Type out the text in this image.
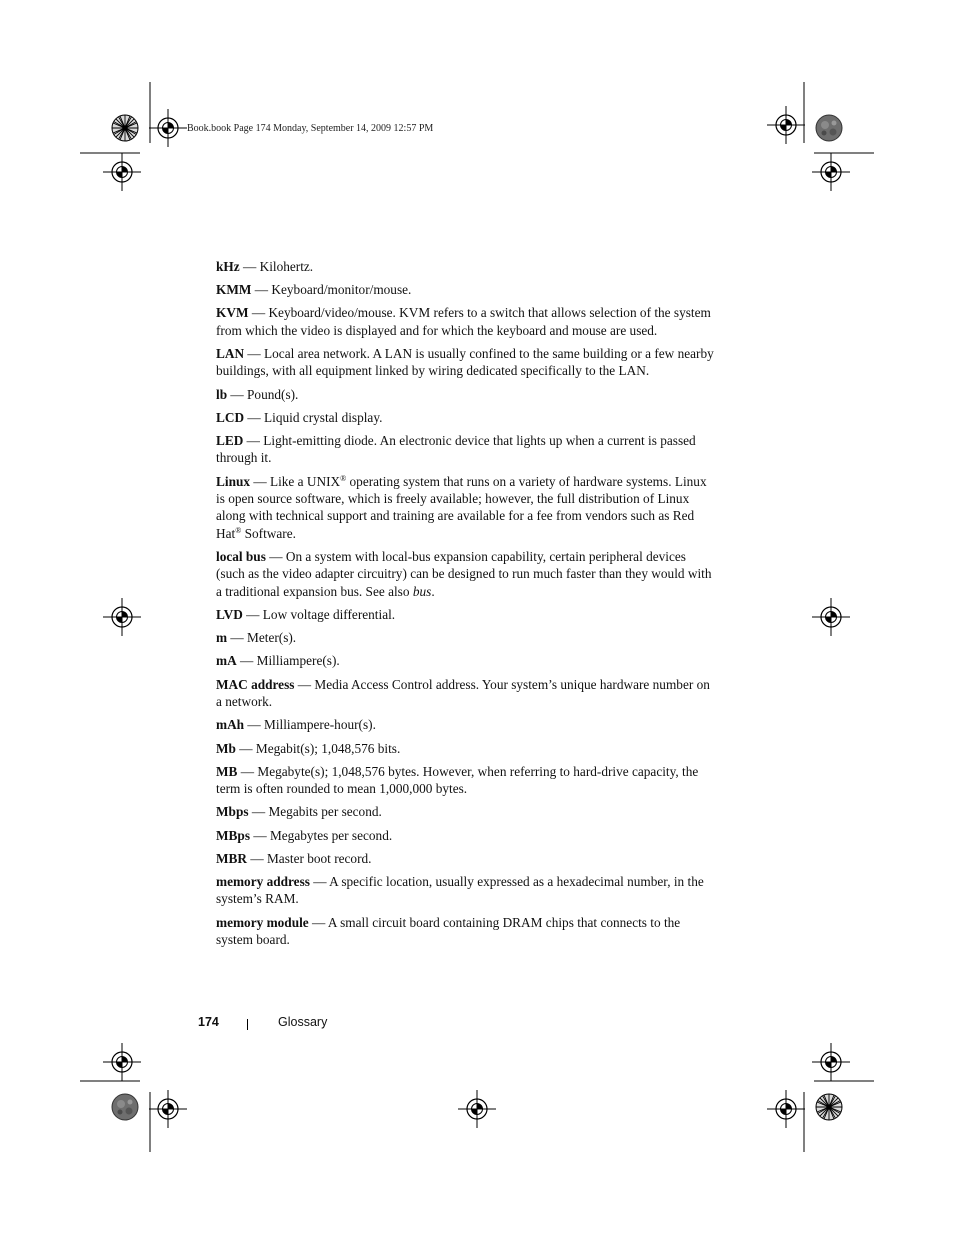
Book.book Page 174 Monday, September 14, 2009 12:57 PM

kHz — Kilohertz.

KMM — Keyboard/monitor/mouse.

KVM — Keyboard/video/mouse. KVM refers to a switch that allows selection of the system from which the video is displayed and for which the keyboard and mouse are used.

LAN — Local area network. A LAN is usually confined to the same building or a few nearby buildings, with all equipment linked by wiring dedicated specifically to the LAN.

lb — Pound(s).

LCD — Liquid crystal display.

LED — Light-emitting diode. An electronic device that lights up when a current is passed through it.

Linux — Like a UNIX® operating system that runs on a variety of hardware systems. Linux is open source software, which is freely available; however, the full distribution of Linux along with technical support and training are available for a fee from vendors such as Red Hat® Software.

local bus — On a system with local-bus expansion capability, certain peripheral devices (such as the video adapter circuitry) can be designed to run much faster than they would with a traditional expansion bus. See also bus.

LVD — Low voltage differential.

m — Meter(s).

mA — Milliampere(s).

MAC address — Media Access Control address. Your system’s unique hardware number on a network.

mAh — Milliampere-hour(s).

Mb — Megabit(s); 1,048,576 bits.

MB — Megabyte(s); 1,048,576 bytes. However, when referring to hard-drive capacity, the term is often rounded to mean 1,000,000 bytes.

Mbps — Megabits per second.

MBps — Megabytes per second.

MBR — Master boot record.

memory address — A specific location, usually expressed as a hexadecimal number, in the system’s RAM.

memory module — A small circuit board containing DRAM chips that connects to the system board.

174	Glossary
